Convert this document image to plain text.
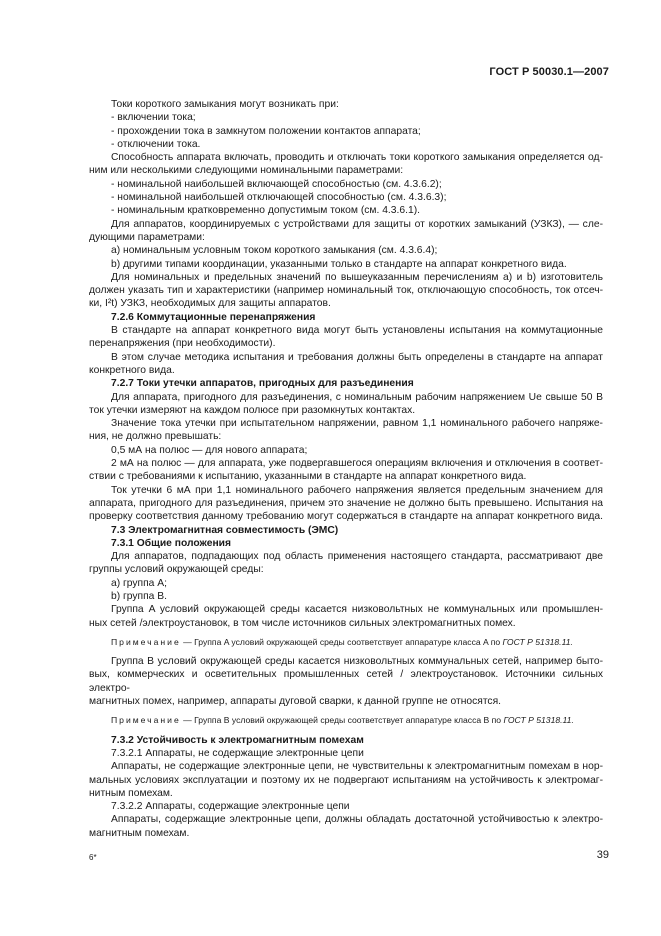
ГОСТ Р 50030.1—2007

Токи короткого замыкания могут возникать при:

- включении тока;

- прохождении тока в замкнутом положении контактов аппарата;

- отключении тока.

Способность аппарата включать, проводить и отключать токи короткого замыкания определяется од-

ним или несколькими следующими номинальными параметрами:

- номинальной наибольшей включающей способностью (см. 4.3.6.2);

- номинальной наибольшей отключающей способностью (см. 4.3.6.3);

- номинальным кратковременно допустимым током (см. 4.3.6.1).

Для аппаратов, координируемых с устройствами для защиты от коротких замыканий (УЗКЗ), — сле-

дующими параметрами:

a) номинальным условным током короткого замыкания (см. 4.3.6.4);

b) другими типами координации, указанными только в стандарте на аппарат конкретного вида.

Для номинальных и предельных значений по вышеуказанным перечислениям a) и b) изготовитель

должен указать тип и характеристики (например номинальный ток, отключающую способность, ток отсеч-

ки, I²t) УЗКЗ, необходимых для защиты аппаратов.

7.2.6 Коммутационные перенапряжения

В стандарте на аппарат конкретного вида могут быть установлены испытания на коммутационные

перенапряжения (при необходимости).

В этом случае методика испытания и требования должны быть определены в стандарте на аппарат

конкретного вида.

7.2.7 Токи утечки аппаратов, пригодных для разъединения

Для аппарата, пригодного для разъединения, с номинальным рабочим напряжением Ue свыше 50 В

ток утечки измеряют на каждом полюсе при разомкнутых контактах.

Значение тока утечки при испытательном напряжении, равном 1,1 номинального рабочего напряже-

ния, не должно превышать:

0,5 мА на полюс — для нового аппарата;

2 мА на полюс — для аппарата, уже подвергавшегося операциям включения и отключения в соответ-

ствии с требованиями к испытанию, указанными в стандарте на аппарат конкретного вида.

Ток утечки 6 мА при 1,1 номинального рабочего напряжения является предельным значением для

аппарата, пригодного для разъединения, причем это значение не должно быть превышено. Испытания на

проверку соответствия данному требованию могут содержаться в стандарте на аппарат конкретного вида.

7.3 Электромагнитная совместимость (ЭМС)

7.3.1 Общие положения

Для аппаратов, подпадающих под область применения настоящего стандарта, рассматривают две

группы условий окружающей среды:

a) группа A;

b) группа B.

Группа A условий окружающей среды касается низковольтных не коммунальных или промышлен-

ных сетей /электроустановок, в том числе источников сильных электромагнитных помех.

Примечание — Группа A условий окружающей среды соответствует аппаратуре класса A по ГОСТ Р 51318.11.

Группа B условий окружающей среды касается низковольтных коммунальных сетей, например быто-

вых, коммерческих и осветительных промышленных сетей / электроустановок. Источники сильных электро-

магнитных помех, например, аппараты дуговой сварки, к данной группе не относятся.

Примечание — Группа B условий окружающей среды соответствует аппаратуре класса B по ГОСТ Р 51318.11.

7.3.2 Устойчивость к электромагнитным помехам

7.3.2.1 Аппараты, не содержащие электронные цепи

Аппараты, не содержащие электронные цепи, не чувствительны к электромагнитным помехам в нор-

мальных условиях эксплуатации и поэтому их не подвергают испытаниям на устойчивость к электромаг-

нитным помехам.

7.3.2.2 Аппараты, содержащие электронные цепи

Аппараты, содержащие электронные цепи, должны обладать достаточной устойчивостью к электро-

магнитным помехам.

6*	39
